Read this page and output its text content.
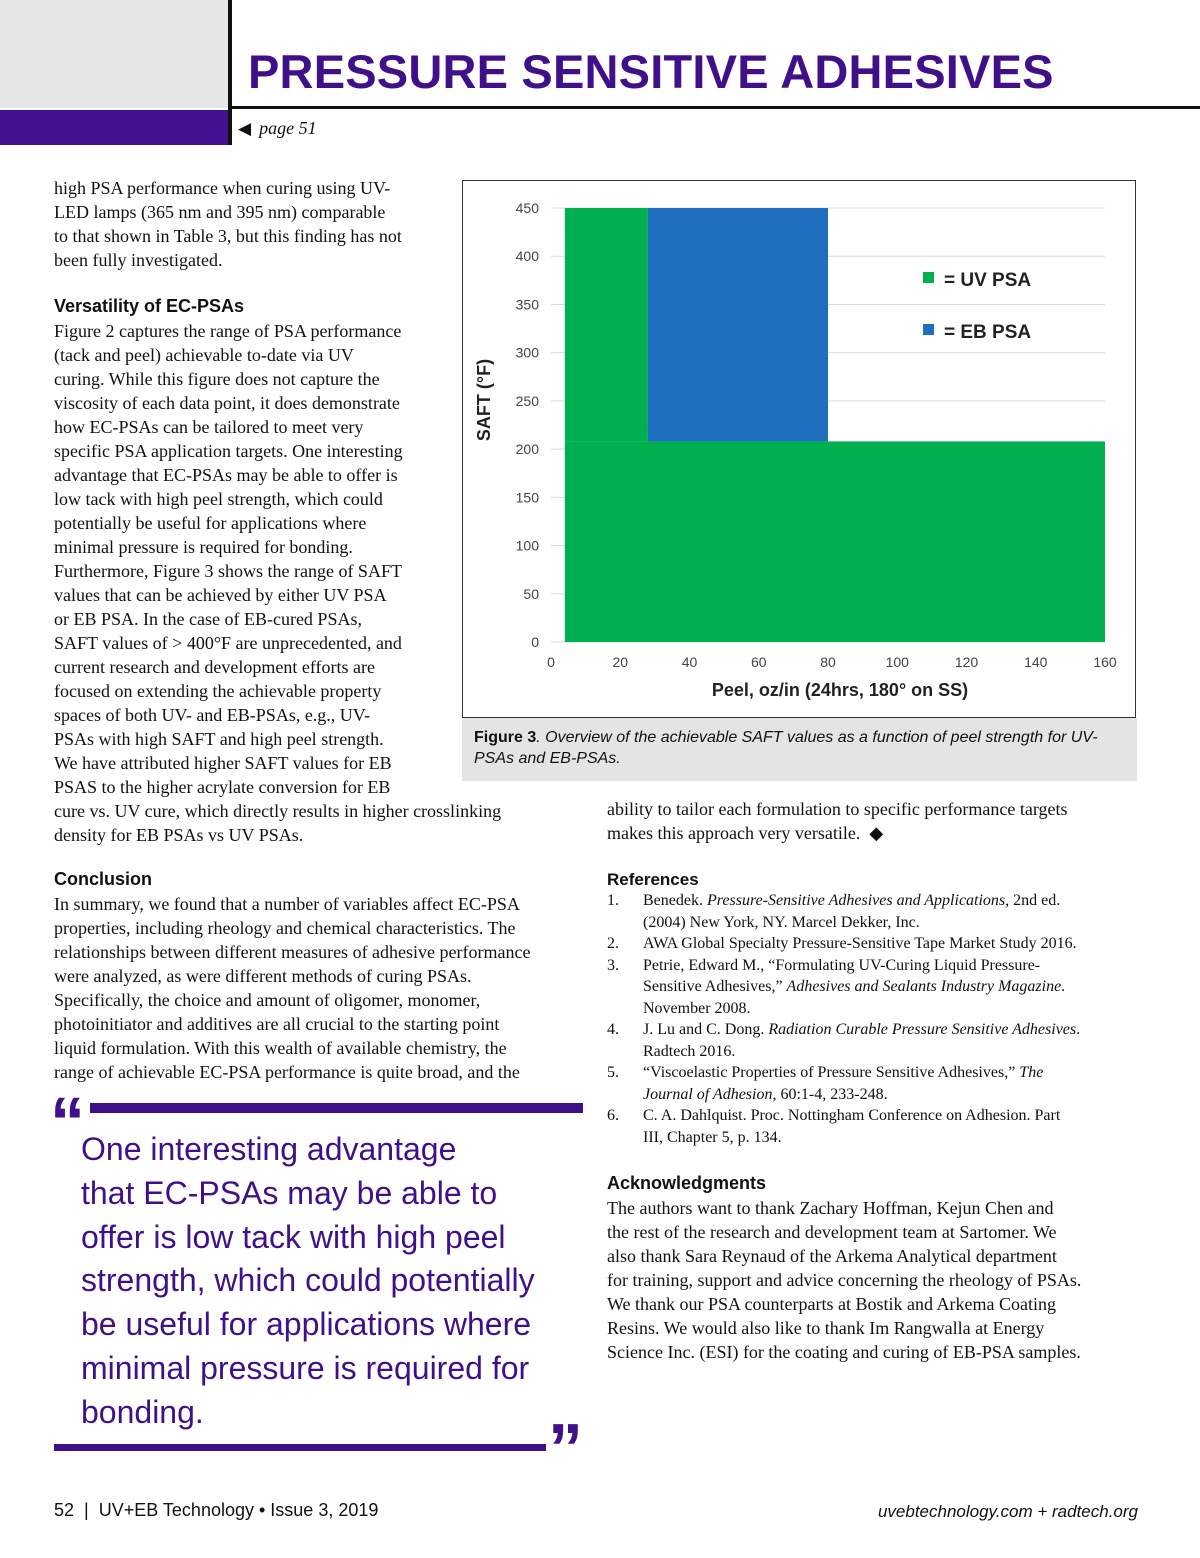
PRESSURE SENSITIVE ADHESIVES
◀ page 51
high PSA performance when curing using UV-
LED lamps (365 nm and 395 nm) comparable
to that shown in Table 3, but this finding has not
been fully investigated.
Versatility of EC-PSAs
Figure 2 captures the range of PSA performance
(tack and peel) achievable to-date via UV
curing. While this figure does not capture the
viscosity of each data point, it does demonstrate
how EC-PSAs can be tailored to meet very
specific PSA application targets. One interesting
advantage that EC-PSAs may be able to offer is
low tack with high peel strength, which could
potentially be useful for applications where
minimal pressure is required for bonding.
Furthermore, Figure 3 shows the range of SAFT
values that can be achieved by either UV PSA
or EB PSA. In the case of EB-cured PSAs,
SAFT values of > 400°F are unprecedented, and
current research and development efforts are
focused on extending the achievable property
spaces of both UV- and EB-PSAs, e.g., UV-
PSAs with high SAFT and high peel strength.
We have attributed higher SAFT values for EB
PSAS to the higher acrylate conversion for EB
cure vs. UV cure, which directly results in higher crosslinking
density for EB PSAs vs UV PSAs.
Conclusion
In summary, we found that a number of variables affect EC-PSA
properties, including rheology and chemical characteristics. The
relationships between different measures of adhesive performance
were analyzed, as were different methods of curing PSAs.
Specifically, the choice and amount of oligomer, monomer,
photoinitiator and additives are all crucial to the starting point
liquid formulation. With this wealth of available chemistry, the
range of achievable EC-PSA performance is quite broad, and the
“
One interesting advantage
that EC-PSAs may be able to
offer is low tack with high peel
strength, which could potentially
be useful for applications where
minimal pressure is required for
bonding.	”
0
50
100
150
200
250
300
350
400
450
0	20	40	60	80	100	120	140	160
= UV PSA
= EB PSA
Peel, oz/in (24hrs, 180° on SS)
SAFT (°F)
Figure 3. Overview of the achievable SAFT values as a function of peel strength for UV-PSAs and EB-PSAs.
ability to tailor each formulation to specific performance targets
makes this approach very versatile. ◆
References
1. Benedek. Pressure-Sensitive Adhesives and Applications, 2nd ed.
(2004) New York, NY. Marcel Dekker, Inc.
2. AWA Global Specialty Pressure-Sensitive Tape Market Study 2016.
3. Petrie, Edward M., “Formulating UV-Curing Liquid Pressure-
Sensitive Adhesives,” Adhesives and Sealants Industry Magazine.
November 2008.
4. J. Lu and C. Dong. Radiation Curable Pressure Sensitive Adhesives.
Radtech 2016.
5. “Viscoelastic Properties of Pressure Sensitive Adhesives,” The
Journal of Adhesion, 60:1-4, 233-248.
6. C. A. Dahlquist. Proc. Nottingham Conference on Adhesion. Part
III, Chapter 5, p. 134.
Acknowledgments
The authors want to thank Zachary Hoffman, Kejun Chen and
the rest of the research and development team at Sartomer. We
also thank Sara Reynaud of the Arkema Analytical department
for training, support and advice concerning the rheology of PSAs.
We thank our PSA counterparts at Bostik and Arkema Coating
Resins. We would also like to thank Im Rangwalla at Energy
Science Inc. (ESI) for the coating and curing of EB-PSA samples.
52 | UV+EB Technology • Issue 3, 2019	uvebtechnology.com + radtech.org
